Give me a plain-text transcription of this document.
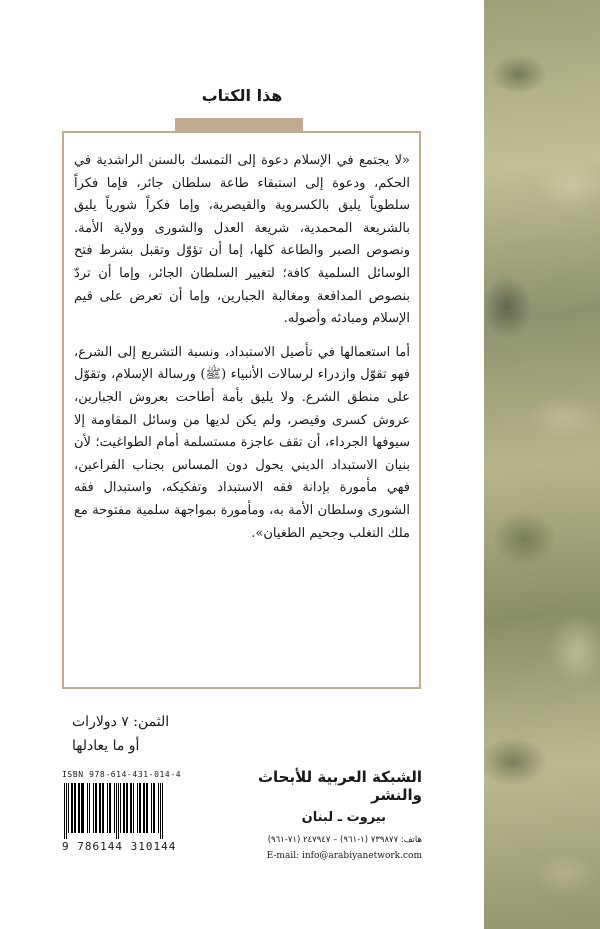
هذا الكتاب

«لا يجتمع في الإسلام دعوة إلى التمسك بالسنن الراشدية في الحكم، ودعوة إلى استبقاء طاعة سلطان جائر، فإما فكراً سلطوياً يليق بالكسروية والقيصرية، وإما فكراً شورياً يليق بالشريعة المحمدية، شريعة العدل والشورى وولاية الأمة. ونصوص الصبر والطاعة كلها، إما أن تؤوّل وتقبل بشرط فتح الوسائل السلمية كافة؛ لتغيير السلطان الجائر، وإما أن تردّ بنصوص المدافعة ومغالبة الجبارين، وإما أن تعرض على قيم الإسلام ومبادئه وأصوله.

أما استعمالها في تأصيل الاستبداد، ونسبة التشريع إلى الشرع، فهو تقوّل وازدراء لرسالات الأنبياء (ﷺ) ورسالة الإسلام، وتقوّل على منطق الشرع. ولا يليق بأمة أطاحت بعروش الجبارين، عروش كسرى وقيصر، ولم يكن لديها من وسائل المقاومة إلا سيوفها الجرداء، أن تقف عاجزة مستسلمة أمام الطواغيت؛ لأن بنيان الاستبداد الديني يحول دون المساس بجناب الفراعين، فهي مأمورة بإدانة فقه الاستبداد وتفكيكه، واستبدال فقه الشورى وسلطان الأمة به، ومأمورة بمواجهة سلمية مفتوحة مع ملك التغلب وجحيم الطغيان».

الثمن: ٧ دولارات
أو ما يعادلها
ISBN 978-614-431-014-4
9 786144 310144
الشبكة العربية للأبحاث والنشر
بيروت ـ لبنان
هاتف: ٧٣٩٨٧٧ (١-٩٦١) – ٢٤٧٩٤٧ (٧١-٩٦١)
E-mail: info@arabiyanetwork.com
